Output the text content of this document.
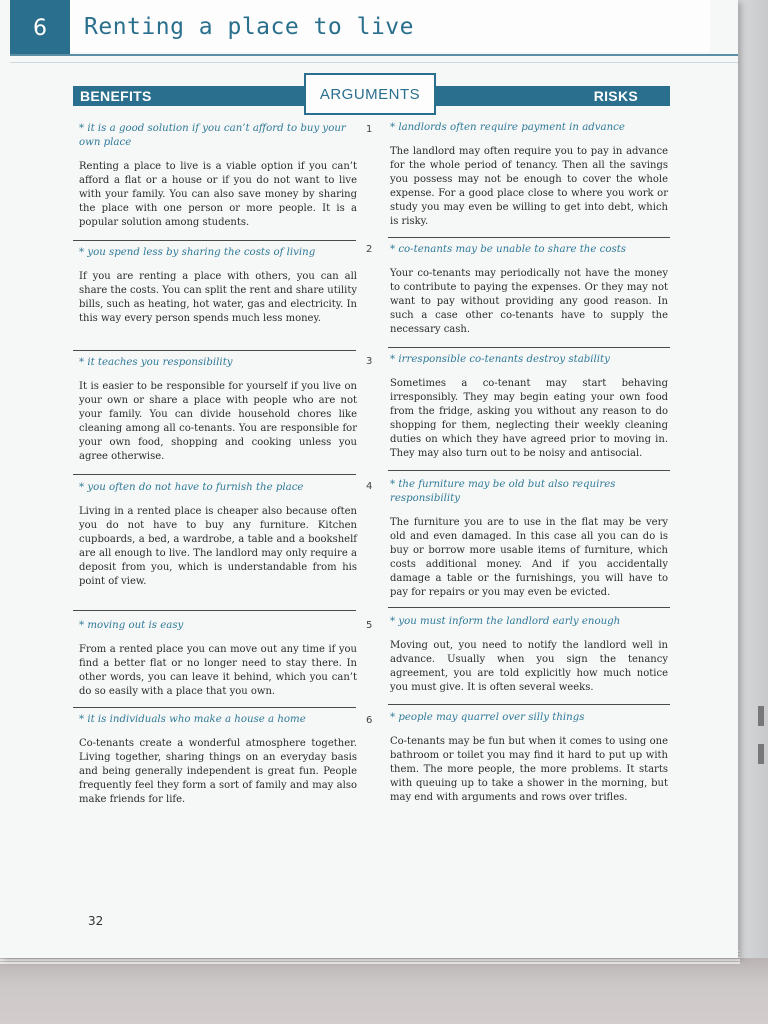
6 Renting a place to live
BENEFITS	RISKS
ARGUMENTS
* it is a good solution if you can’t afford to buy your own place
Renting a place to live is a viable option if you can’t afford a flat or a house or if you do not want to live with your family. You can also save money by sharing the place with one person or more people. It is a popular solution among students.
1 * landlords often require payment in advance
The landlord may often require you to pay in advance for the whole period of tenancy. Then all the savings you possess may not be enough to cover the whole expense. For a good place close to where you work or study you may even be willing to get into debt, which is risky.
* you spend less by sharing the costs of living
If you are renting a place with others, you can all share the costs. You can split the rent and share utility bills, such as heating, hot water, gas and electricity. In this way every person spends much less money.
2 * co-tenants may be unable to share the costs
Your co-tenants may periodically not have the money to contribute to paying the expenses. Or they may not want to pay without providing any good reason. In such a case other co-tenants have to supply the necessary cash.
* it teaches you responsibility
It is easier to be responsible for yourself if you live on your own or share a place with people who are not your family. You can divide household chores like cleaning among all co-tenants. You are responsible for your own food, shopping and cooking unless you agree otherwise.
3 * irresponsible co-tenants destroy stability
Sometimes a co-tenant may start behaving irresponsibly. They may begin eating your own food from the fridge, asking you without any reason to do shopping for them, neglecting their weekly cleaning duties on which they have agreed prior to moving in. They may also turn out to be noisy and antisocial.
* you often do not have to furnish the place
Living in a rented place is cheaper also because often you do not have to buy any furniture. Kitchen cupboards, a bed, a wardrobe, a table and a bookshelf are all enough to live. The landlord may only require a deposit from you, which is understandable from his point of view.
4 * the furniture may be old but also requires responsibility
The furniture you are to use in the flat may be very old and even damaged. In this case all you can do is buy or borrow more usable items of furniture, which costs additional money. And if you accidentally damage a table or the furnishings, you will have to pay for repairs or you may even be evicted.
* moving out is easy
From a rented place you can move out any time if you find a better flat or no longer need to stay there. In other words, you can leave it behind, which you can’t do so easily with a place that you own.
5 * you must inform the landlord early enough
Moving out, you need to notify the landlord well in advance. Usually when you sign the tenancy agreement, you are told explicitly how much notice you must give. It is often several weeks.
* it is individuals who make a house a home
Co-tenants create a wonderful atmosphere together. Living together, sharing things on an everyday basis and being generally independent is great fun. People frequently feel they form a sort of family and may also make friends for life.
6 * people may quarrel over silly things
Co-tenants may be fun but when it comes to using one bathroom or toilet you may find it hard to put up with them. The more people, the more problems. It starts with queuing up to take a shower in the morning, but may end with arguments and rows over trifles.
32
